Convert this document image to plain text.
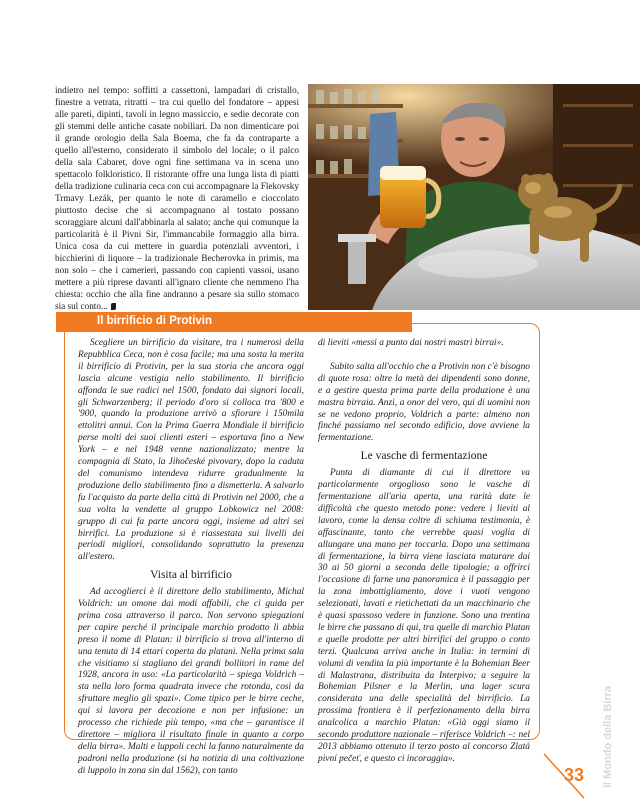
indietro nel tempo: soffitti a cassettoni, lampadari di cristallo, finestre a vetrata, ritratti – tra cui quello del fondatore – appesi alle pareti, dipinti, tavoli in legno massiccio, e sedie decorate con gli stemmi delle antiche casate nobiliari. Da non dimenticare poi il grande orologio della Sala Boema, che fa da contraparte a quello all'esterno, considerato il simbolo del locale; o il palco della sala Cabaret, dove ogni fine settimana va in scena uno spettacolo folkloristico. Il ristorante offre una lunga lista di piatti della tradizione culinaria ceca con cui accompagnare la Flekovsky Trmavy Lezák, per quanto le note di caramello e cioccolato piuttosto decise che si accompagnano al tostato possano scoraggiare alcuni dall'abbinarla al salato; anche qui comunque la particolarità è il Pivni Sir, l'immancabile formaggio alla birra. Unica cosa da cui mettere in guardia potenziali avventori, i bicchierini di liquore – la tradizionale Becherovka in primis, ma non solo – che i camerieri, passando con capienti vassoi, usano mettere a più riprese davanti all'ignaro cliente che nemmeno l'ha chiesta: occhio che alla fine andranno a pesare sia sullo stomaco sia sul conto...
Il birrificio di Protivin

Scegliere un birrificio da visitare, tra i numerosi della Repubblica Ceca, non è cosa facile; ma una sosta la merita il birrificio di Protivin, per la sua storia che ancora oggi lascia alcune vestigia nello stabilimento. Il birrificio affonda le sue radici nel 1500, fondato dai signori locali, gli Schwarzenberg; il periodo d'oro si colloca tra '800 e '900, quando la produzione arrivò a sfiorare i 150mila ettolitri annui. Con la Prima Guerra Mondiale il birrificio perse molti dei suoi clienti esteri – esportava fino a New York – e nel 1948 venne nazionalizzato; mentre la compagnia di Stato, la Jihočeské pivovary, dopo la caduta del comunismo intendeva ridurre gradualmente la produzione dello stabilimento fino a dismetterla. A salvarlo fu l'acquisto da parte della città di Protivin nel 2000, che a sua volta la vendette al gruppo Lobkowicz nel 2008: gruppo di cui fa parte ancora oggi, insieme ad altri sei birrifici. La produzione si è riassestata sui livelli dei periodi migliori, consolidando soprattutto la presenza all'estero.

Visita al birrificio

Ad accoglierci è il direttore dello stabilimento, Michal Voldrich: un omone dai modi affabili, che ci guida per prima cosa attraverso il parco. Non servono spiegazioni per capire perché il principale marchio prodotto lì abbia preso il nome di Platan: il birrificio si trova all'interno di una tenuta di 14 ettari coperta da platani. Nella prima sala che visitiamo si stagliano dei grandi bollitori in rame del 1928, ancora in uso: «La particolarità – spiega Voldrich – sta nella loro forma quadrata invece che rotonda, così da sfruttare meglio gli spazi». Come tipico per le birre ceche, qui si lavora per decozione e non per infusione: un processo che richiede più tempo, «ma che – garantisce il direttore – migliora il risultato finale in quanto a corpo della birra». Malti e luppoli cechi la fanno naturalmente da padroni nella produzione (si ha notizia di una coltivazione di luppolo in zona sin dal 1562), con tanto

di lieviti «messi a punto dai nostri mastri birrai».

Subito salta all'occhio che a Protivin non c'è bisogno di quote rosa: oltre la metà dei dipendenti sono donne, e a gestire questa prima parte della produzione è una mastra birraia. Anzi, a onor del vero, qui di uomini non se ne vedono proprio, Voldrich a parte: almeno non finché passiamo nel secondo edificio, dove avviene la fermentazione.

Le vasche di fermentazione

Punta di diamante di cui il direttore va particolarmente orgoglioso sono le vasche di fermentazione all'aria aperta, una rarità date le difficoltà che questo metodo pone: vedere i lieviti al lavoro, come la densa coltre di schiuma testimonia, è affascinante, tanto che verrebbe quasi voglia di allungare una mano per toccarla. Dopo una settimana di fermentazione, la birra viene lasciata maturare dai 30 ai 50 giorni a seconda delle tipologie; a offrirci l'occasione di farne una panoramica è il passaggio per la zona imbottigliamento, dove i vuoti vengono selezionati, lavati e rietichettati da un macchinario che è quasi spassoso vedere in funzione. Sono una trentina le birre che passano di qui, tra quelle di marchio Platan e quelle prodotte per altri birrifici del gruppo o conto terzi. Qualcuna arriva anche in Italia: in termini di volumi di vendita la più importante è la Bohemian Beer di Malastrana, distribuita da Interpivo; a seguire la Bohemian Pilsner e la Merlin, una lager scura considerata una delle specialità del birrificio. La prossima frontiera è il perfezionamento della birra analcolica a marchio Platan: «Già oggi siamo il secondo produttore nazionale – riferisce Voldrich –: nel 2013 abbiamo ottenuto il terzo posto al concorso Zlatá pivní pečeť, e questo ci incoraggia».

33 Il Mondo della Birra
